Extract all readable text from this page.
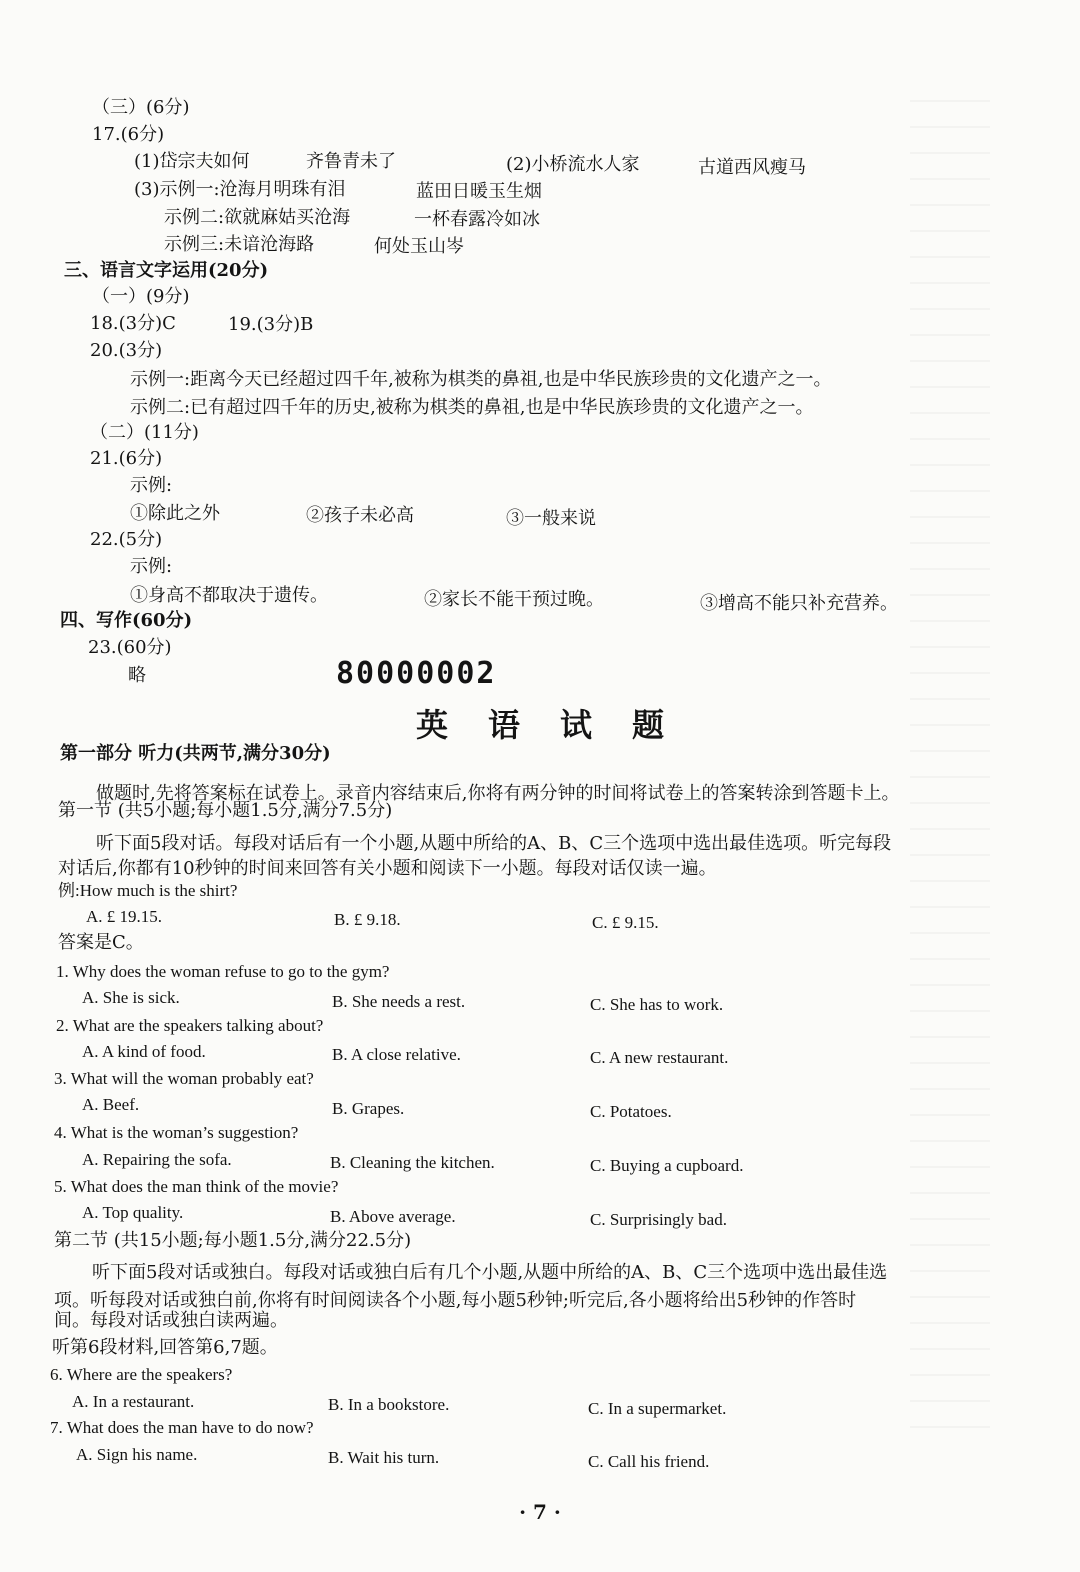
（三）(6分)
17.(6分)
(1)岱宗夫如何	齐鲁青未了	(2)小桥流水人家	古道西风瘦马
(3)示例一:沧海月明珠有泪	蓝田日暖玉生烟
示例二:欲就麻姑买沧海	一杯春露冷如冰
示例三:未谙沧海路	何处玉山岑
三、语言文字运用(20分)
（一）(9分)
18.(3分)C	19.(3分)B
20.(3分)
示例一:距离今天已经超过四千年,被称为棋类的鼻祖,也是中华民族珍贵的文化遗产之一。
示例二:已有超过四千年的历史,被称为棋类的鼻祖,也是中华民族珍贵的文化遗产之一。
（二）(11分)
21.(6分)
示例:
①除此之外	②孩子未必高	③一般来说
22.(5分)
示例:
①身高不都取决于遗传。	②家长不能干预过晚。	③增高不能只补充营养。
四、写作(60分)
23.(60分)
略	80000002
英语试题
第一部分 听力(共两节,满分30分)
做题时,先将答案标在试卷上。录音内容结束后,你将有两分钟的时间将试卷上的答案转涂到答题卡上。
第一节 (共5小题;每小题1.5分,满分7.5分)
听下面5段对话。每段对话后有一个小题,从题中所给的A、B、C三个选项中选出最佳选项。听完每段
对话后,你都有10秒钟的时间来回答有关小题和阅读下一小题。每段对话仅读一遍。
例:How much is the shirt?
A. £ 19.15.	B. £ 9.18.	C. £ 9.15.
答案是C。
1. Why does the woman refuse to go to the gym?
A. She is sick.	B. She needs a rest.	C. She has to work.
2. What are the speakers talking about?
A. A kind of food.	B. A close relative.	C. A new restaurant.
3. What will the woman probably eat?
A. Beef.	B. Grapes.	C. Potatoes.
4. What is the woman’s suggestion?
A. Repairing the sofa.	B. Cleaning the kitchen.	C. Buying a cupboard.
5. What does the man think of the movie?
A. Top quality.	B. Above average.	C. Surprisingly bad.
第二节 (共15小题;每小题1.5分,满分22.5分)
听下面5段对话或独白。每段对话或独白后有几个小题,从题中所给的A、B、C三个选项中选出最佳选
项。听每段对话或独白前,你将有时间阅读各个小题,每小题5秒钟;听完后,各小题将给出5秒钟的作答时
间。每段对话或独白读两遍。
听第6段材料,回答第6,7题。
6. Where are the speakers?
A. In a restaurant.	B. In a bookstore.	C. In a supermarket.
7. What does the man have to do now?
A. Sign his name.	B. Wait his turn.	C. Call his friend.
· 7 ·
